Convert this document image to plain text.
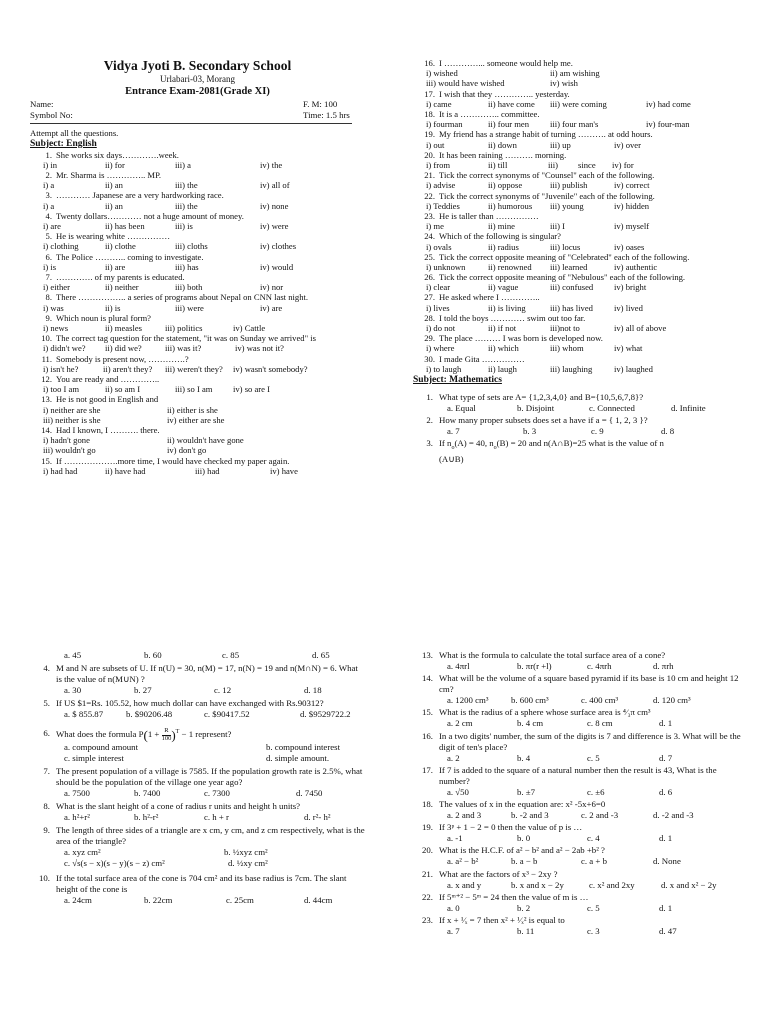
Vidya Jyoti B. Secondary School
Urlabari-03, Morang
Entrance Exam-2081(Grade XI)
Name:	F. M: 100
Symbol No:	Time: 1.5 hrs
Attempt all the questions.
Subject: English
1. She works six days………….week.
i) in	ii) for	iii) a	iv) the
2. Mr. Sharma is ………….. MP.
i) a	ii) an	iii) the	iv) all of
3. ………… Japanese are a very hardworking race.
i) a	ii) an	iii) the	iv) none
4. Twenty dollars………… not a huge amount of money.
i) are	ii) has been	iii) is	iv) were
5. He is wearing white ……………
i) clothing	ii) clothe	iii) cloths	iv) clothes
6. The Police ……….. coming to investigate.
i) is	ii) are	iii) has	iv) would
7. …………. of my parents is educated.
i) either	ii) neither	iii) both	iv) nor
8. There …………….. a series of programs about Nepal on CNN last night.
i) was	ii) is	iii) were	iv) are
9. Which noun is plural form?
i) news	ii) measles	iii) politics	iv) Cattle
10. The correct tag question for the statement, "it was on Sunday we arrived" is
i) didn't we? ii) did we?	iii) was it?	iv) was not it?
11. Somebody is present now, ………….?
i) isn't he?	ii) aren't they? iii) weren't they? iv) wasn't somebody?
12. You are ready and …………..
i) too I am	ii) so am I	iii) so I am iv) so are I
13. He is not good in English and
i) neither are she	ii) either is she
iii) neither is she	iv) either are she
14. Had I known, I ………. there.
i) hadn't gone	ii) wouldn't have gone
iii) wouldn't go	iv) don't go
15. If ……………….more time, I would have checked my paper again.
i) had had	ii) have had	iii) had	iv) have
16. I …………... someone would help me.
i) wished	ii) am wishing
iii) would have wished	iv) wish
17. I wish that they ………….. yesterday.
i) came	ii) have come iii) were coming	iv) had come
18. It is a ………….. committee.
i) fourman	ii) four men iii) four man's	iv) four-man
19. My friend has a strange habit of turning ………. at odd hours.
i) out	ii) down	iii) up	iv) over
20. It has been raining ………. morning.
i) from	ii) till	iii) since iv) for
21. Tick the correct synonyms of "Counsel" each of the following.
i) advise	ii) oppose	iii) publish	iv) correct
22. Tick the correct synonyms of "Juvenile" each of the following.
i) Teddies	ii) humorous iii) young	iv) hidden
23. He is taller than ……………
i) me	ii) mine	iii) I	iv) myself
24. Which of the following is singular?
i) ovals	ii) radius	iii) locus	iv) oases
25. Tick the correct opposite meaning of "Celebrated" each of the following.
i) unknown	ii) renowned iii) learned	iv) authentic
26. Tick the correct opposite meaning of "Nebulous" each of the following.
i) clear	ii) vague	iii) confused iv) bright
27. He asked where I …………..
i) lives	ii) is living	iii) has lived iv) lived
28. I told the boys ………… swim out too far.
i) do not	ii) if not	iii)not to	iv) all of above
29. The place ……… I was born is developed now.
i) where	ii) which	iii) whom	iv) what
30. I made Gita ……………
i) to laugh	ii) laugh	iii) laughing	iv) laughed
Subject: Mathematics
1. What type of sets are A= {1,2,3,4,0} and B={10,5,6,7,8}?
a. Equal	b. Disjoint	c. Connected	d. Infinite
2. How many proper subsets does set a have if a = { 1, 2, 3 }?
a. 7	b. 3	c. 9	d. 8
3. If $n_o(A) = 40$, $n_o(B) = 20$ and n(A∩B)=25 what is the value of n
(A∪B)
a. 45	b. 60	c. 85	d. 65
4. M and N are subsets of U. If n(U) = 30, n(M) = 17, n(N) = 19 and n(M∩N) = 6. What is the value of n(M∪N) ?
a. 30	b. 27	c. 12	d. 18
5. If US $1=Rs. 105.52, how much dollar can have exchanged with Rs.90312?
a. $ 855.87	b. $90206.48	c. $90417.52	d. $9529722.2
6. What does the formula $P(1 + \frac{R}{100})^T - 1$ represent?
a. compound amount	b. compound interest
c. simple interest	d. simple amount.
7. The present population of a village is 7585. If the population growth rate is 2.5%, what should be the population of the village one year ago?
a. 7500	b. 7400	c. 7300	d. 7450
8. What is the slant height of a cone of radius r units and height h units?
a. h²+r²	b. h²-r²	c. h + r	d. r²- h²
9. The length of three sides of a triangle are x cm, y cm, and z cm respectively, what is the area of the triangle?
a. xyz cm²	b. ½xyz cm²
c. √s(s − x)(s − y)(s − z) cm²	d. ½xy cm²
10. If the total surface area of the cone is 704 cm² and its base radius is 7cm. The slant height of the cone is
a. 24cm	b. 22cm	c. 25cm	d. 44cm
13. What is the formula to calculate the total surface area of a cone?
a. 4πrl	b. πr(r +l)	c. 4πrh	d. πrh
14. What will be the volume of a square based pyramid if its base is 10 cm and height 12 cm?
a. 1200 cm³	b. 600 cm³	c. 400 cm³	d. 120 cm³
15. What is the radius of a sphere whose surface area is ⁴⁄₃π cm³
a. 2 cm	b. 4 cm	c. 8 cm	d. 1
16. In a two digits' number, the sum of the digits is 7 and difference is 3. What will be the digit of ten's place?
a. 2	b. 4	c. 5	d. 7
17. If 7 is added to the square of a natural number then the result is 43, What is the number?
a. √50	b. ±7	c. ±6	d. 6
18. The values of x in the equation are: x² -5x+6=0
a. 2 and 3	b. -2 and 3	c. 2 and -3	d. -2 and -3
19. If 3ᵖ + 1 − 2 = 0 then the value of p is …
a. -1	b. 0	c. 4	d. 1
20. What is the H.C.F. of a² − b² and a² − 2ab +b² ?
a. a² − b²	b. a − b	c. a + b	d. None
21. What are the factors of x³ − 2xy ?
a. x and y	b. x and x − 2y	c. x² and 2xy	d. x and x² − 2y
22. If 5ᵐ⁺² − 5ᵐ = 24 then the value of m is …
a. 0	b. 2	c. 5	d. 1
23. If x + ¹⁄ₓ = 7 then x² + ¹⁄ₓ² is equal to
a. 7	b. 11	c. 3	d. 47
